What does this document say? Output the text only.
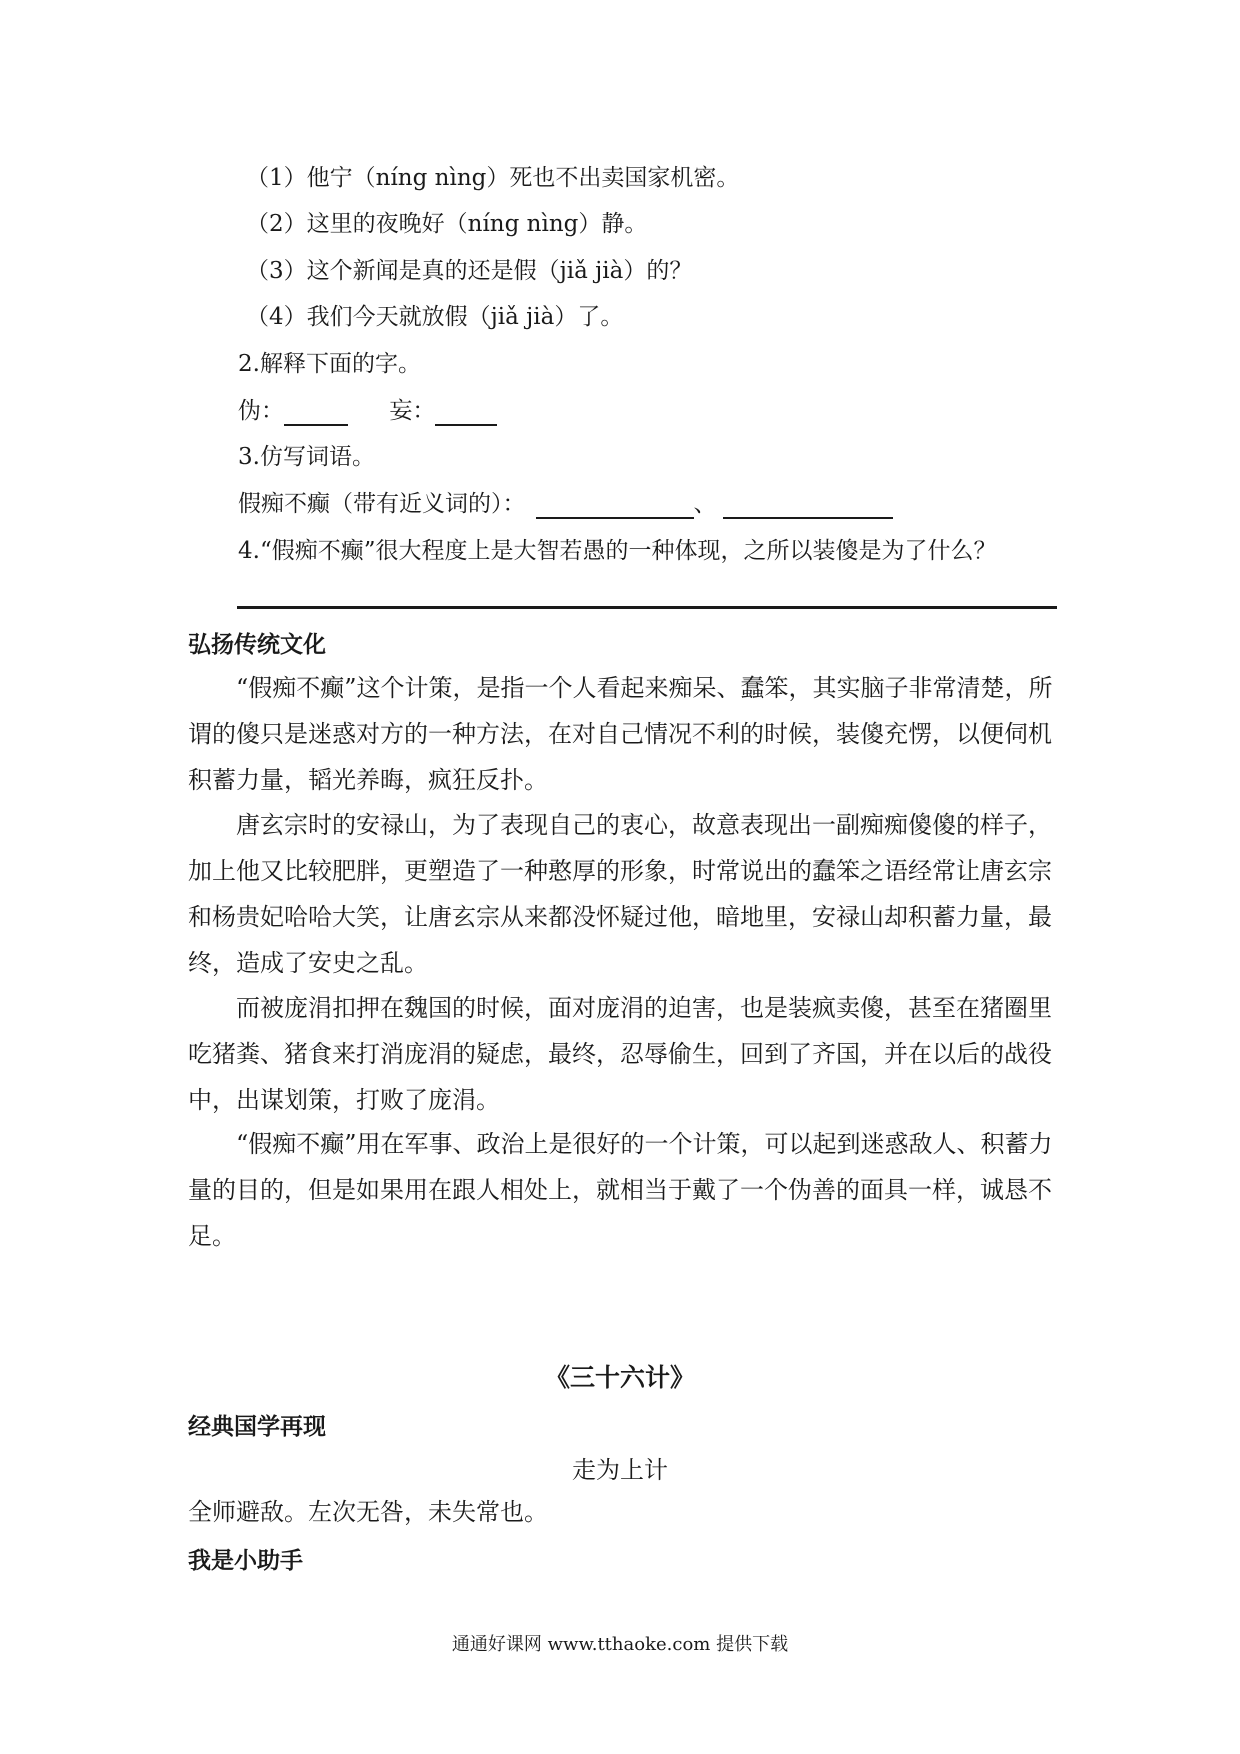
（1）他宁（níng nìng）死也不出卖国家机密。
（2）这里的夜晚好（níng nìng）静。
（3）这个新闻是真的还是假（jiǎ jià）的？
（4）我们今天就放假（jiǎ jià）了。
2.解释下面的字。
伪：	妄：
3.仿写词语。
假痴不癫（带有近义词的）：	、
4.“假痴不癫”很大程度上是大智若愚的一种体现，之所以装傻是为了什么？
弘扬传统文化
“假痴不癫”这个计策，是指一个人看起来痴呆、蠢笨，其实脑子非常清楚，所谓的傻只是迷惑对方的一种方法，在对自己情况不利的时候，装傻充愣，以便伺机积蓄力量，韬光养晦，疯狂反扑。
唐玄宗时的安禄山，为了表现自己的衷心，故意表现出一副痴痴傻傻的样子，加上他又比较肥胖，更塑造了一种憨厚的形象，时常说出的蠢笨之语经常让唐玄宗和杨贵妃哈哈大笑，让唐玄宗从来都没怀疑过他，暗地里，安禄山却积蓄力量，最终，造成了安史之乱。
而被庞涓扣押在魏国的时候，面对庞涓的迫害，也是装疯卖傻，甚至在猪圈里吃猪粪、猪食来打消庞涓的疑虑，最终，忍辱偷生，回到了齐国，并在以后的战役中，出谋划策，打败了庞涓。
“假痴不癫”用在军事、政治上是很好的一个计策，可以起到迷惑敌人、积蓄力量的目的，但是如果用在跟人相处上，就相当于戴了一个伪善的面具一样，诚恳不足。
《三十六计》
经典国学再现
走为上计
全师避敌。左次无咎，未失常也。
我是小助手
通通好课网 www.tthaoke.com 提供下载
